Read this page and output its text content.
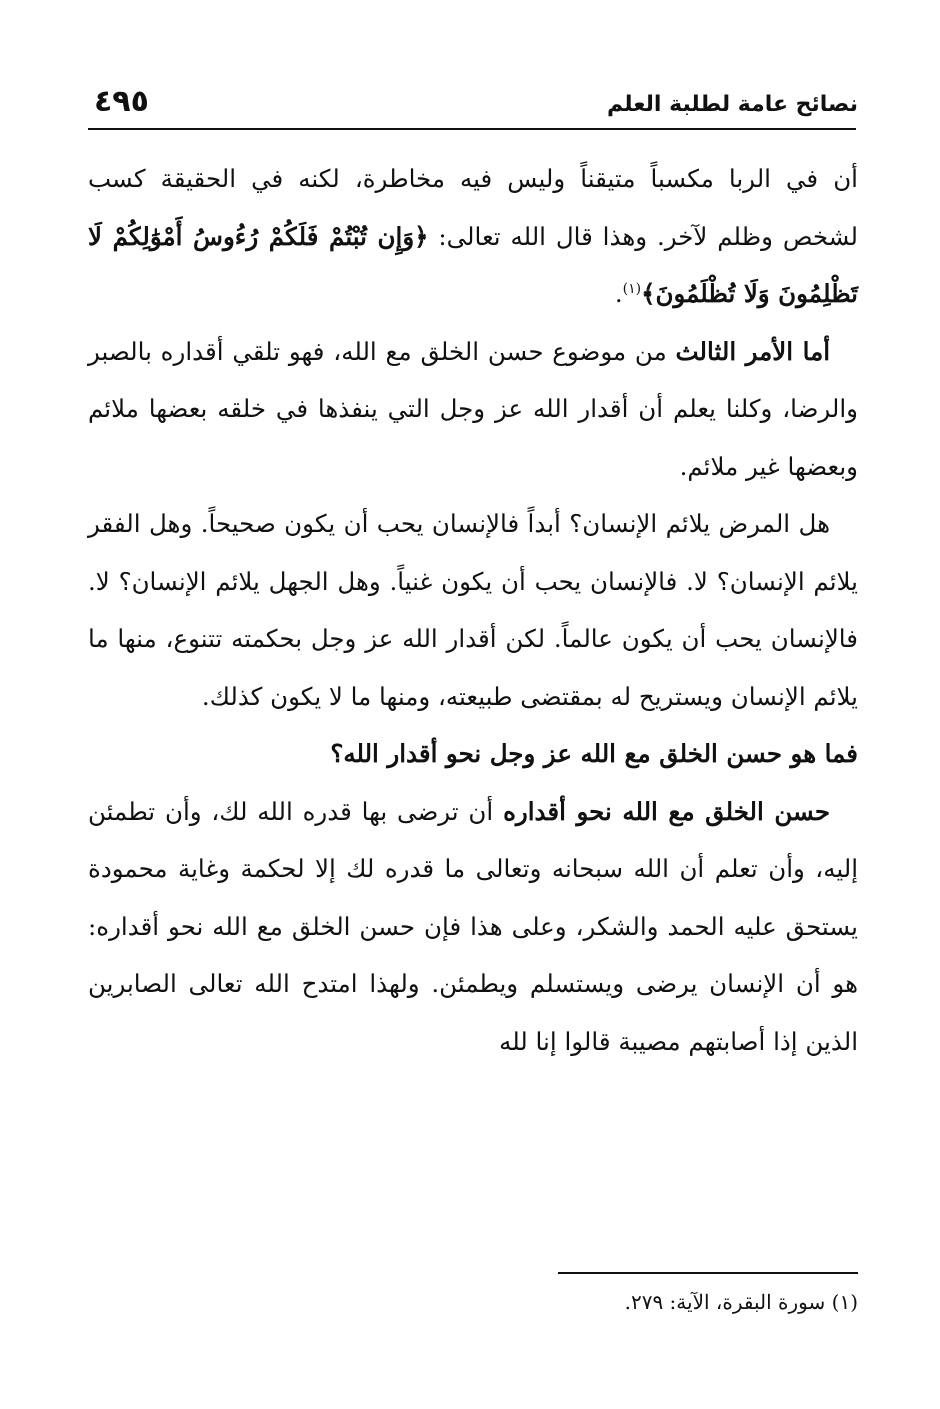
نصائح عامة لطلبة العلم
٤٩٥

أن في الربا مكسباً متيقناً وليس فيه مخاطرة، لكنه في الحقيقة كسب لشخص وظلم لآخر. وهذا قال الله تعالى: ﴿وَإِن تُبْتُمْ فَلَكُمْ رُءُوسُ أَمْوَٰلِكُمْ لَا تَظْلِمُونَ وَلَا تُظْلَمُونَ﴾$^{(١)}$.

أما الأمر الثالث من موضوع حسن الخلق مع الله، فهو تلقي أقداره بالصبر والرضا، وكلنا يعلم أن أقدار الله عز وجل التي ينفذها في خلقه بعضها ملائم وبعضها غير ملائم.

هل المرض يلائم الإنسان؟ أبداً فالإنسان يحب أن يكون صحيحاً. وهل الفقر يلائم الإنسان؟ لا. فالإنسان يحب أن يكون غنياً. وهل الجهل يلائم الإنسان؟ لا. فالإنسان يحب أن يكون عالماً. لكن أقدار الله عز وجل بحكمته تتنوع، منها ما يلائم الإنسان ويستريح له بمقتضى طبيعته، ومنها ما لا يكون كذلك.

فما هو حسن الخلق مع الله عز وجل نحو أقدار الله؟

حسن الخلق مع الله نحو أقداره أن ترضى بها قدره الله لك، وأن تطمئن إليه، وأن تعلم أن الله سبحانه وتعالى ما قدره لك إلا لحكمة وغاية محمودة يستحق عليه الحمد والشكر، وعلى هذا فإن حسن الخلق مع الله نحو أقداره: هو أن الإنسان يرضى ويستسلم ويطمئن. ولهذا امتدح الله تعالى الصابرين الذين إذا أصابتهم مصيبة قالوا إنا لله

(١) سورة البقرة، الآية: ٢٧٩.
